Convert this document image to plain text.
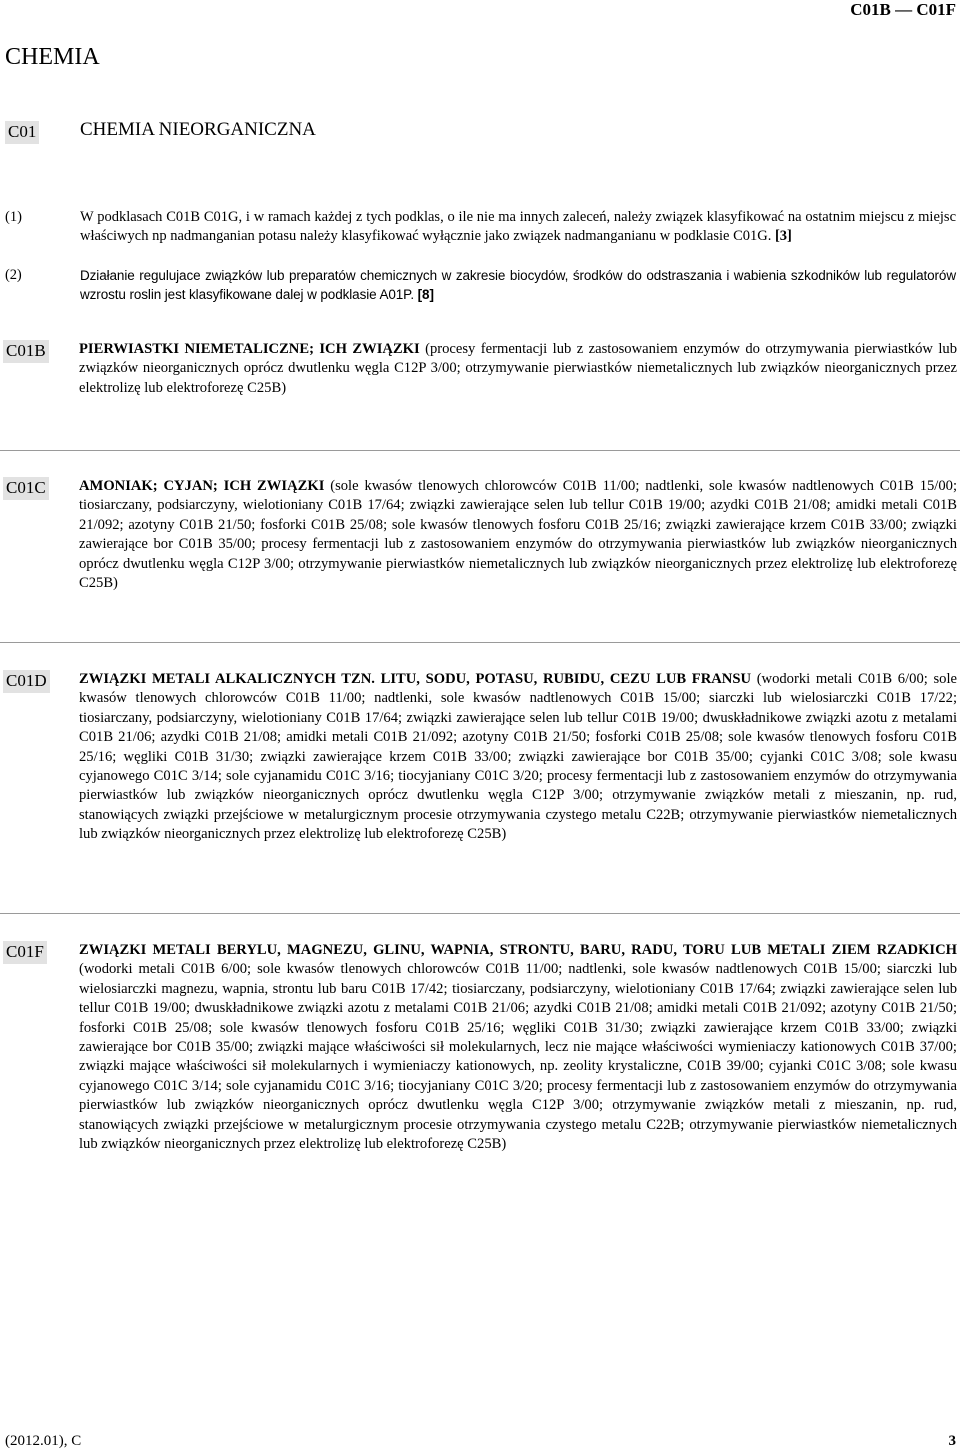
C01B — C01F
CHEMIA
C01 CHEMIA NIEORGANICZNA
(1)	W podklasach C01B C01G, i w ramach każdej z tych podklas, o ile nie ma innych zaleceń, należy związek klasyfikować na ostatnim miejscu z miejsc właściwych np nadmanganian potasu należy klasyfikować wyłącznie jako związek nadmanganianu w podklasie C01G. [3]
(2)	Działanie regulujace związków lub preparatów chemicznych w zakresie biocydów, środków do odstraszania i wabienia szkodników lub regulatorów wzrostu roslin jest klasyfikowane dalej w podklasie A01P. [8]
C01B PIERWIASTKI NIEMETALICZNE; ICH ZWIĄZKI (procesy fermentacji lub z zastosowaniem enzymów do otrzymywania pierwiastków lub związków nieorganicznych oprócz dwutlenku węgla C12P 3/00; otrzymywanie pierwiastków niemetalicznych lub związków nieorganicznych przez elektrolizę lub elektroforezę C25B)
C01C AMONIAK; CYJAN; ICH ZWIĄZKI (sole kwasów tlenowych chlorowców C01B 11/00; nadtlenki, sole kwasów nadtlenowych C01B 15/00; tiosiarczany, podsiarczyny, wielotioniany C01B 17/64; związki zawierające selen lub tellur C01B 19/00; azydki C01B 21/08; amidki metali C01B 21/092; azotyny C01B 21/50; fosforki C01B 25/08; sole kwasów tlenowych fosforu C01B 25/16; związki zawierające krzem C01B 33/00; związki zawierające bor C01B 35/00; procesy fermentacji lub z zastosowaniem enzymów do otrzymywania pierwiastków lub związków nieorganicznych oprócz dwutlenku węgla C12P 3/00; otrzymywanie pierwiastków niemetalicznych lub związków nieorganicznych przez elektrolizę lub elektroforezę C25B)
C01D ZWIĄZKI METALI ALKALICZNYCH TZN. LITU, SODU, POTASU, RUBIDU, CEZU LUB FRANSU (wodorki metali C01B 6/00; sole kwasów tlenowych chlorowców C01B 11/00; nadtlenki, sole kwasów nadtlenowych C01B 15/00; siarczki lub wielosiarczki C01B 17/22; tiosiarczany, podsiarczyny, wielotioniany C01B 17/64; związki zawierające selen lub tellur C01B 19/00; dwuskładnikowe związki azotu z metalami C01B 21/06; azydki C01B 21/08; amidki metali C01B 21/092; azotyny C01B 21/50; fosforki C01B 25/08; sole kwasów tlenowych fosforu C01B 25/16; węgliki C01B 31/30; związki zawierające krzem C01B 33/00; związki zawierające bor C01B 35/00; cyjanki C01C 3/08; sole kwasu cyjanowego C01C 3/14; sole cyjanamidu C01C 3/16; tiocyjaniany C01C 3/20; procesy fermentacji lub z zastosowaniem enzymów do otrzymywania pierwiastków lub związków nieorganicznych oprócz dwutlenku węgla C12P 3/00; otrzymywanie związków metali z mieszanin, np. rud, stanowiących związki przejściowe w metalurgicznym procesie otrzymywania czystego metalu C22B; otrzymywanie pierwiastków niemetalicznych lub związków nieorganicznych przez elektrolizę lub elektroforezę C25B)
C01F ZWIĄZKI METALI BERYLU, MAGNEZU, GLINU, WAPNIA, STRONTU, BARU, RADU, TORU LUB METALI ZIEM RZADKICH (wodorki metali C01B 6/00; sole kwasów tlenowych chlorowców C01B 11/00; nadtlenki, sole kwasów nadtlenowych C01B 15/00; siarczki lub wielosiarczki magnezu, wapnia, strontu lub baru C01B 17/42; tiosiarczany, podsiarczyny, wielotioniany C01B 17/64; związki zawierające selen lub tellur C01B 19/00; dwuskładnikowe związki azotu z metalami C01B 21/06; azydki C01B 21/08; amidki metali C01B 21/092; azotyny C01B 21/50; fosforki C01B 25/08; sole kwasów tlenowych fosforu C01B 25/16; węgliki C01B 31/30; związki zawierające krzem C01B 33/00; związki zawierające bor C01B 35/00; związki mające właściwości sił molekularnych, lecz nie mające właściwości wymieniaczy kationowych C01B 37/00; związki mające właściwości sił molekularnych i wymieniaczy kationowych, np. zeolity krystaliczne, C01B 39/00; cyjanki C01C 3/08; sole kwasu cyjanowego C01C 3/14; sole cyjanamidu C01C 3/16; tiocyjaniany C01C 3/20; procesy fermentacji lub z zastosowaniem enzymów do otrzymywania pierwiastków lub związków nieorganicznych oprócz dwutlenku węgla C12P 3/00; otrzymywanie związków metali z mieszanin, np. rud, stanowiących związki przejściowe w metalurgicznym procesie otrzymywania czystego metalu C22B; otrzymywanie pierwiastków niemetalicznych lub związków nieorganicznych przez elektrolizę lub elektroforezę C25B)
(2012.01), C	3
